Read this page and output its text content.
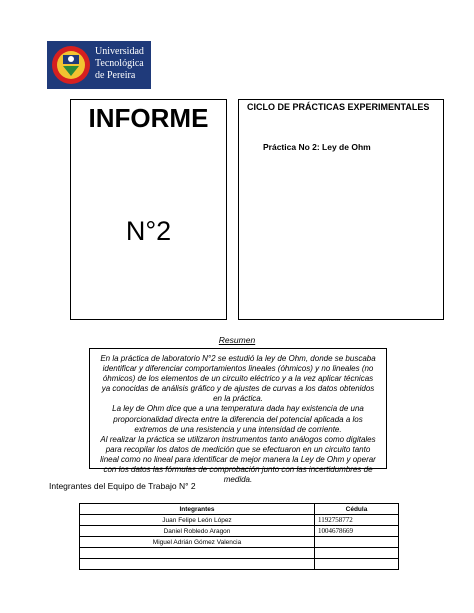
Universidad
Tecnológica
de Pereira
INFORME
N°2
CICLO DE PRÁCTICAS EXPERIMENTALES
Práctica No 2: Ley de Ohm
Resumen

En la práctica de laboratorio N°2 se estudió la ley de Ohm, donde se buscaba identificar y diferenciar comportamientos lineales (óhmicos) y no lineales (no óhmicos) de los elementos de un circuito eléctrico y a la vez aplicar técnicas ya conocidas de análisis gráfico y de ajustes de curvas a los datos obtenidos en la práctica.

La ley de Ohm dice que a una temperatura dada hay existencia de una proporcionalidad directa entre la diferencia del potencial aplicada a los extremos de una resistencia y una intensidad de corriente.

Al realizar la práctica se utilizaron instrumentos tanto análogos como digitales para recopilar los datos de medición que se efectuaron en un circuito tanto lineal como no lineal para identificar de mejor manera la Ley de Ohm y operar con los datos las fórmulas de comprobación junto con las incertidumbres de medida.

Integrantes del Equipo de Trabajo N° 2
Integrantes	Cédula
Juan Felipe León López	1192758772
Daniel Robledo Aragon	1004678669
Miguel Adrián Gómez Valencia	
